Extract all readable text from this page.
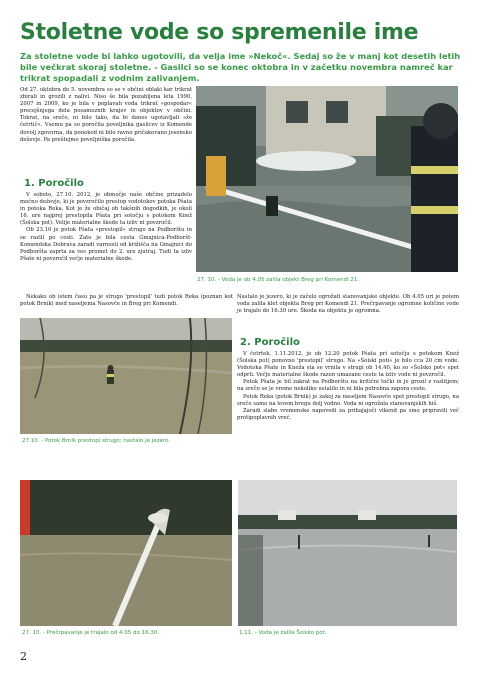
Stoletne vode so spremenile ime
Za stoletne vode bi lahko ugotovili, da velja ime »Nekoč«. Sedaj so že v manj kot desetih letih bile večkrat skoraj stoletne. - Gasilci so se konec oktobra in v začetku novembra namreč kar trikrat spopadali z vodnim zalivanjem.

Od 27. oktobra do 5. novembra so se v občini oblaki kar trikrat zbirali in grozili z nalivi. Niso še bila pozabljena leta 1990, 2007 in 2009, ko je bila v poplavah voda trikrat »gospodar« precejšnjega dela posameznih krajev in objektov v občini. Tokrat, na srečo, ni bilo tako, da bi danes ugotavljali »že četrtič«. Vsemu pa so poročila poveljnika gasilcev iz Komende dovolj zgovorna, da ponekod ni bilo ravno pričakovano jesensko deževje. Pa preštejmo poveljniška poročila.

1. Poročilo

V soboto, 27.10. 2012, je območje naše občine prizadelo močno deževje, ki je povzročilo prestop vodotokov potoka Pšata in potoka Reka. Kot je že običaj ob takšnih dogodkih, je okoli 16. ure najprej prestopila Pšata pri sotočju s potokom Knež (Šolska pot). Velije materialne škode ta izliv ni povzročil.

Ob 23.10 je potok Pšata »prestopil« strugo na Podborštu in se razlil po cesti. Zato je bila cesta Gmajnica-Podboršt-Komendska Dobrava zaradi varnosti od križišča na Gmajnici do Podboršta zaprta za ves promet do 2. ure zjutraj. Tudi ta izliv Pšate ni povzročil večje materialne škode.

Nekako ob istem času pa je strugo 'prestopil' tudi potok Reka (poznan kot potok Brnik) med naseljema Nasovče in Breg pri Komendi.

27. 10. - Voda je ob 4.05 zalila objekt Breg pri Komendi 21.

Nastalo je jezero, ki je začelo ogrožati stanovanjske objekte. Ob 4.05 uri je potem voda zalila klet objekta Breg pri Komendi 21. Prečrpavanje ogromne količine vode je trajalo do 16.30 ure. Škoda na objektu je ogromna.

2. Poročilo

V četrtek, 1.11.2012, je ob 12.20 potok Pšata pri sotočju s potokom Knež (Šolska pot) ponovno 'prestopil' strugo. Na »Šolski poti« je bilo cca 20 cm vode. Vodotoka Pšate in Kneža sta se vrnila v strugi ob 14.40, ko so »Šolsko pot« spet odprli. Večje materialne škode razen umazane ceste ta izliv vode ni povzročil.

Potok Pšata je bil zakrat na Podborštu na kritični točki in je grozil z razlitjem; na srečo se je vreme nekoliko ustalilo in ni bila potrebna zapora ceste.

Potok Reka (potok Brnik) je zakoj za naseljem Nasovče spet prestopil strugo, na srečo samo na levem bregu dolj vodno. Voda ni ogrožala stanovanjskih hiš.

Zaradi slabe vremenske napovedi za prihajajoči vikend pa smo pripravili več protipoplavnih vreč.

27.10. - Potok Brnik prestopi strugo; nastalo je jezero.
27. 10. - Prečrpavanje je trajalo od 4.05 do 16.30.	1.11. - Voda je zalila Šolsko pot.
2
